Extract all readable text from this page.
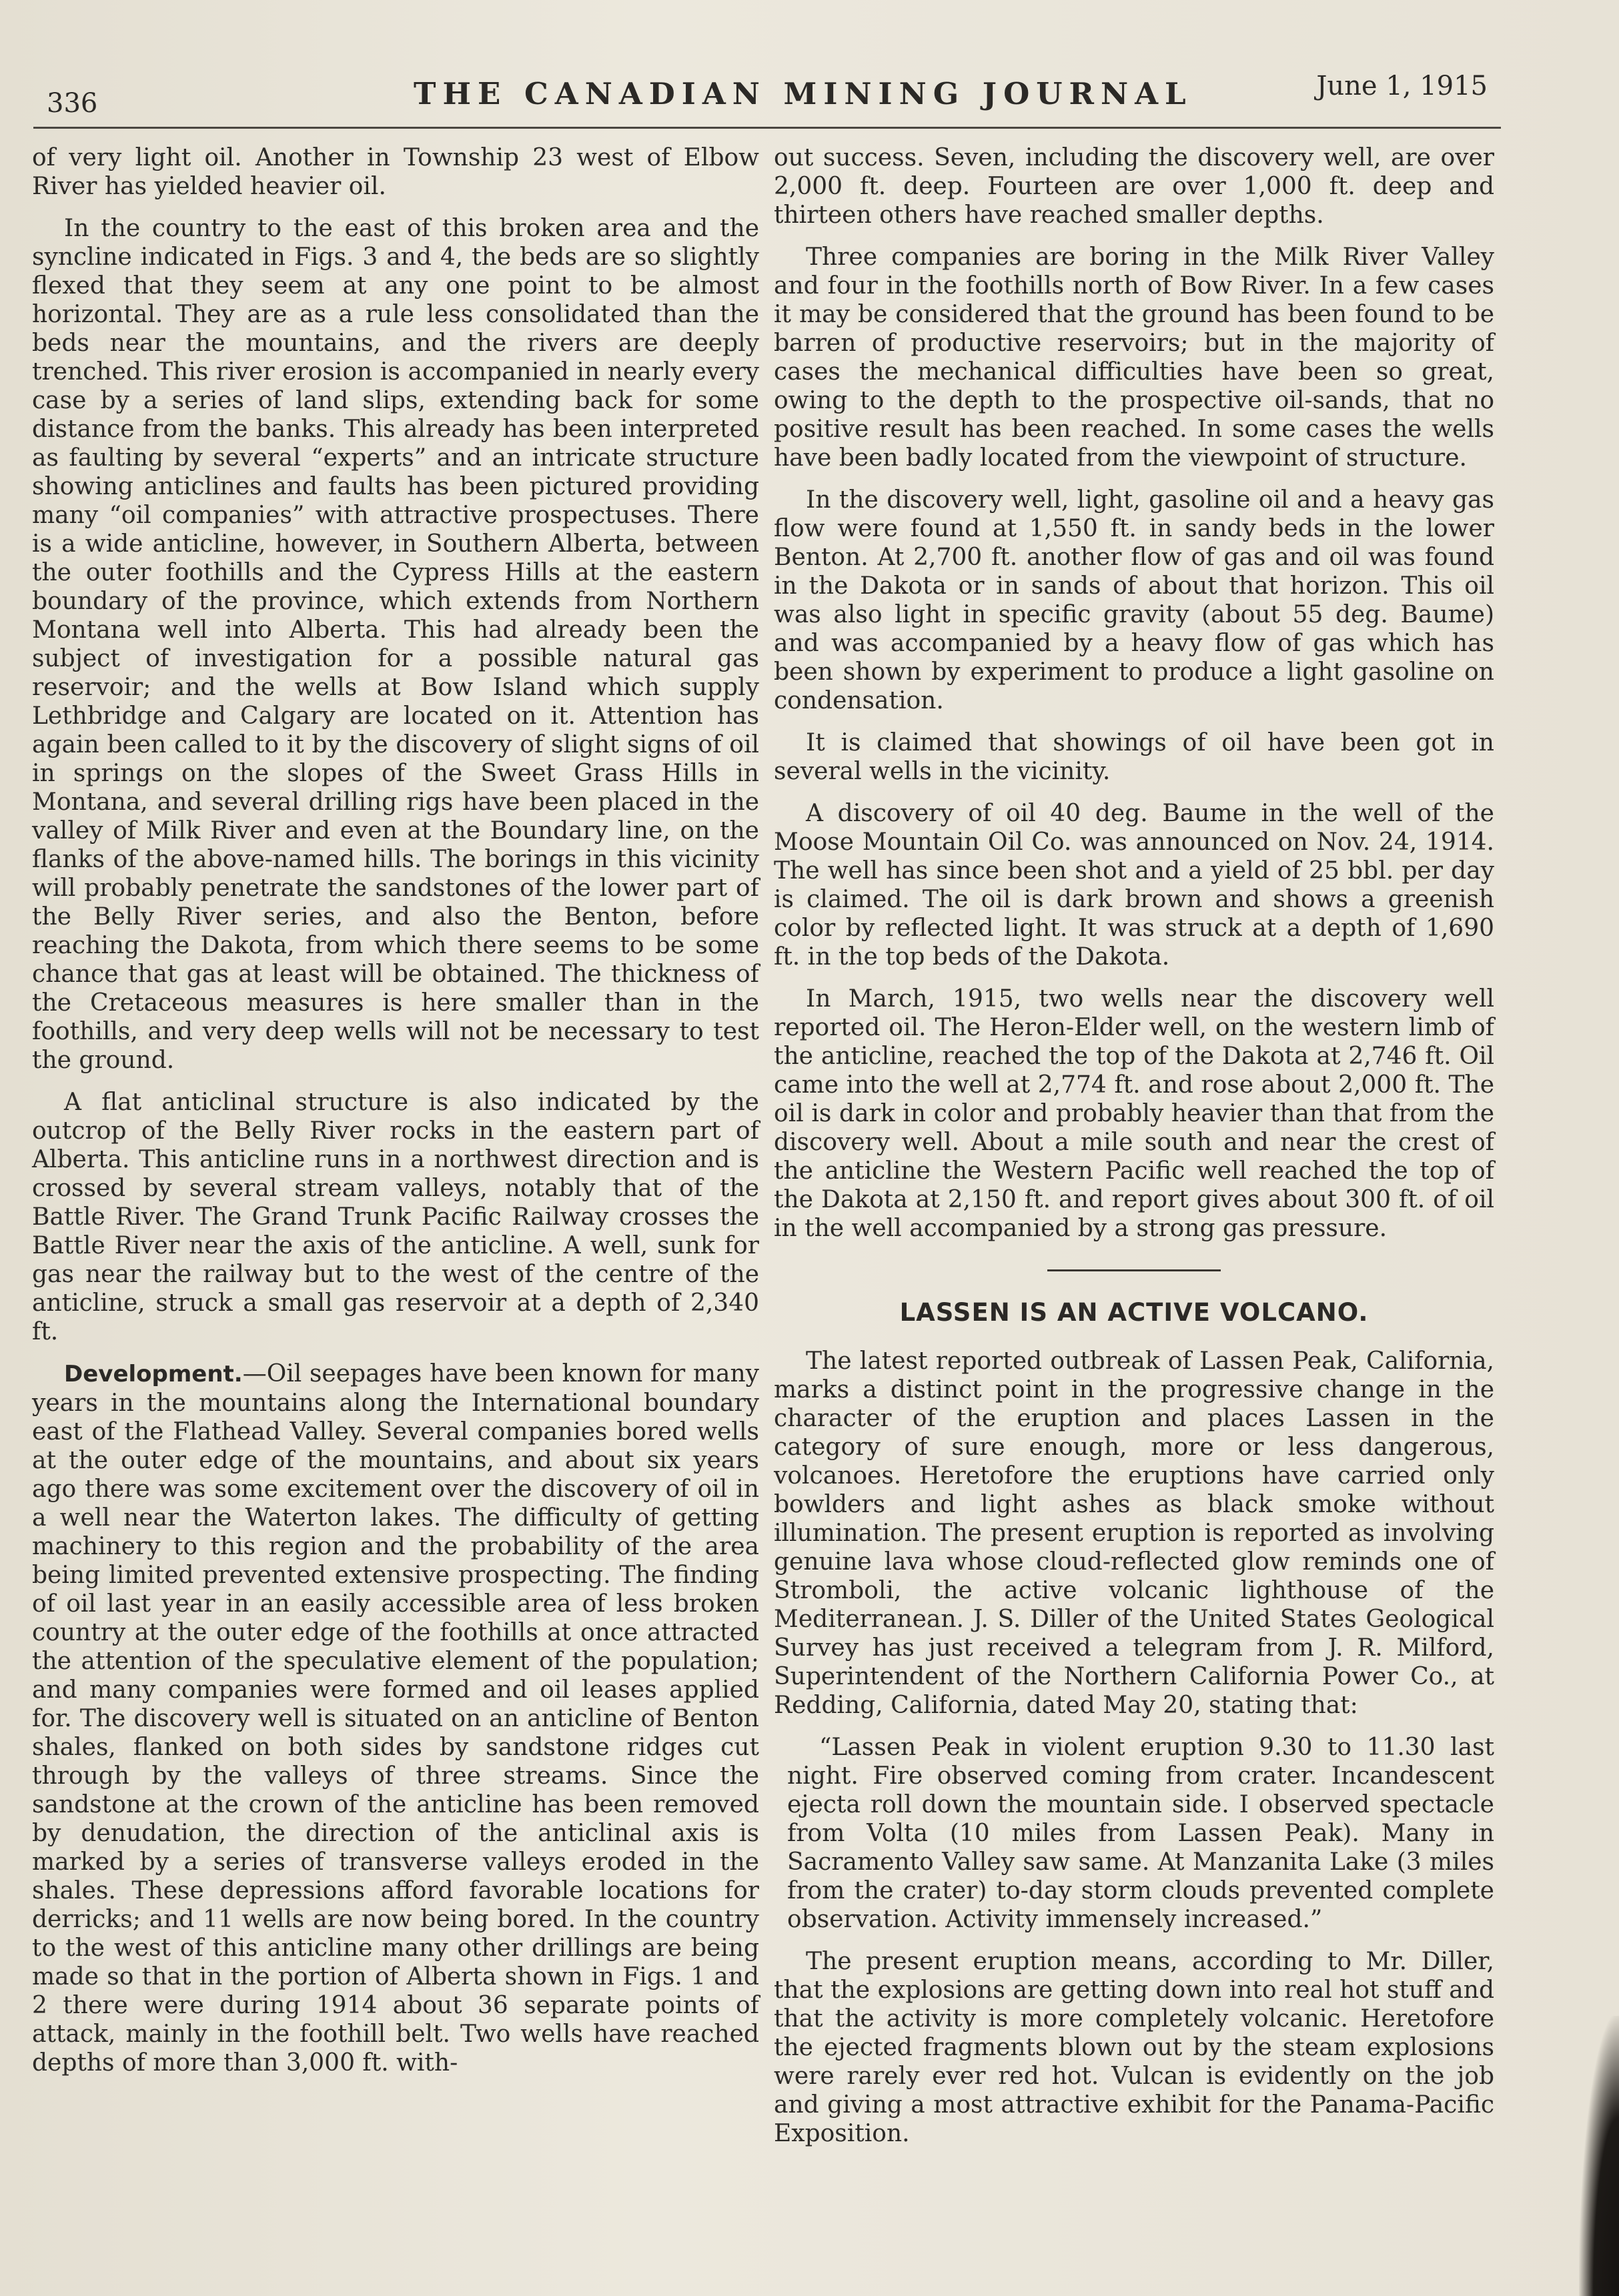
336	THE CANADIAN MINING JOURNAL	June 1, 1915

of very light oil. Another in Township 23 west of Elbow River has yielded heavier oil.

In the country to the east of this broken area and the syncline indicated in Figs. 3 and 4, the beds are so slightly flexed that they seem at any one point to be almost horizontal. They are as a rule less consolidated than the beds near the mountains, and the rivers are deeply trenched. This river erosion is accompanied in nearly every case by a series of land slips, extending back for some distance from the banks. This already has been interpreted as faulting by several “experts” and an intricate structure showing anticlines and faults has been pictured providing many “oil companies” with attractive prospectuses. There is a wide anticline, however, in Southern Alberta, between the outer foothills and the Cypress Hills at the eastern boundary of the province, which extends from Northern Montana well into Alberta. This had already been the subject of investigation for a possible natural gas reservoir; and the wells at Bow Island which supply Lethbridge and Calgary are located on it. Attention has again been called to it by the discovery of slight signs of oil in springs on the slopes of the Sweet Grass Hills in Montana, and several drilling rigs have been placed in the valley of Milk River and even at the Boundary line, on the flanks of the above-named hills. The borings in this vicinity will probably penetrate the sandstones of the lower part of the Belly River series, and also the Benton, before reaching the Dakota, from which there seems to be some chance that gas at least will be obtained. The thickness of the Cretaceous measures is here smaller than in the foothills, and very deep wells will not be necessary to test the ground.

A flat anticlinal structure is also indicated by the outcrop of the Belly River rocks in the eastern part of Alberta. This anticline runs in a northwest direction and is crossed by several stream valleys, notably that of the Battle River. The Grand Trunk Pacific Railway crosses the Battle River near the axis of the anticline. A well, sunk for gas near the railway but to the west of the centre of the anticline, struck a small gas reservoir at a depth of 2,340 ft.

Development.—Oil seepages have been known for many years in the mountains along the International boundary east of the Flathead Valley. Several companies bored wells at the outer edge of the mountains, and about six years ago there was some excitement over the discovery of oil in a well near the Waterton lakes. The difficulty of getting machinery to this region and the probability of the area being limited prevented extensive prospecting. The finding of oil last year in an easily accessible area of less broken country at the outer edge of the foothills at once attracted the attention of the speculative element of the population; and many companies were formed and oil leases applied for. The discovery well is situated on an anticline of Benton shales, flanked on both sides by sandstone ridges cut through by the valleys of three streams. Since the sandstone at the crown of the anticline has been removed by denudation, the direction of the anticlinal axis is marked by a series of transverse valleys eroded in the shales. These depressions afford favorable locations for derricks; and 11 wells are now being bored. In the country to the west of this anticline many other drillings are being made so that in the portion of Alberta shown in Figs. 1 and 2 there were during 1914 about 36 separate points of attack, mainly in the foothill belt. Two wells have reached depths of more than 3,000 ft. with-

out success. Seven, including the discovery well, are over 2,000 ft. deep. Fourteen are over 1,000 ft. deep and thirteen others have reached smaller depths.

Three companies are boring in the Milk River Valley and four in the foothills north of Bow River. In a few cases it may be considered that the ground has been found to be barren of productive reservoirs; but in the majority of cases the mechanical difficulties have been so great, owing to the depth to the prospective oil-sands, that no positive result has been reached. In some cases the wells have been badly located from the viewpoint of structure.

In the discovery well, light, gasoline oil and a heavy gas flow were found at 1,550 ft. in sandy beds in the lower Benton. At 2,700 ft. another flow of gas and oil was found in the Dakota or in sands of about that horizon. This oil was also light in specific gravity (about 55 deg. Baume) and was accompanied by a heavy flow of gas which has been shown by experiment to produce a light gasoline on condensation.

It is claimed that showings of oil have been got in several wells in the vicinity.

A discovery of oil 40 deg. Baume in the well of the Moose Mountain Oil Co. was announced on Nov. 24, 1914. The well has since been shot and a yield of 25 bbl. per day is claimed. The oil is dark brown and shows a greenish color by reflected light. It was struck at a depth of 1,690 ft. in the top beds of the Dakota.

In March, 1915, two wells near the discovery well reported oil. The Heron-Elder well, on the western limb of the anticline, reached the top of the Dakota at 2,746 ft. Oil came into the well at 2,774 ft. and rose about 2,000 ft. The oil is dark in color and probably heavier than that from the discovery well. About a mile south and near the crest of the anticline the Western Pacific well reached the top of the Dakota at 2,150 ft. and report gives about 300 ft. of oil in the well accompanied by a strong gas pressure.

LASSEN IS AN ACTIVE VOLCANO.

The latest reported outbreak of Lassen Peak, California, marks a distinct point in the progressive change in the character of the eruption and places Lassen in the category of sure enough, more or less dangerous, volcanoes. Heretofore the eruptions have carried only bowlders and light ashes as black smoke without illumination. The present eruption is reported as involving genuine lava whose cloud-reflected glow reminds one of Stromboli, the active volcanic lighthouse of the Mediterranean. J. S. Diller of the United States Geological Survey has just received a telegram from J. R. Milford, Superintendent of the Northern California Power Co., at Redding, California, dated May 20, stating that:

“Lassen Peak in violent eruption 9.30 to 11.30 last night. Fire observed coming from crater. Incandescent ejecta roll down the mountain side. I observed spectacle from Volta (10 miles from Lassen Peak). Many in Sacramento Valley saw same. At Manzanita Lake (3 miles from the crater) to-day storm clouds prevented complete observation. Activity immensely increased.”

The present eruption means, according to Mr. Diller, that the explosions are getting down into real hot stuff and that the activity is more completely volcanic. Heretofore the ejected fragments blown out by the steam explosions were rarely ever red hot. Vulcan is evidently on the job and giving a most attractive exhibit for the Panama-Pacific Exposition.
